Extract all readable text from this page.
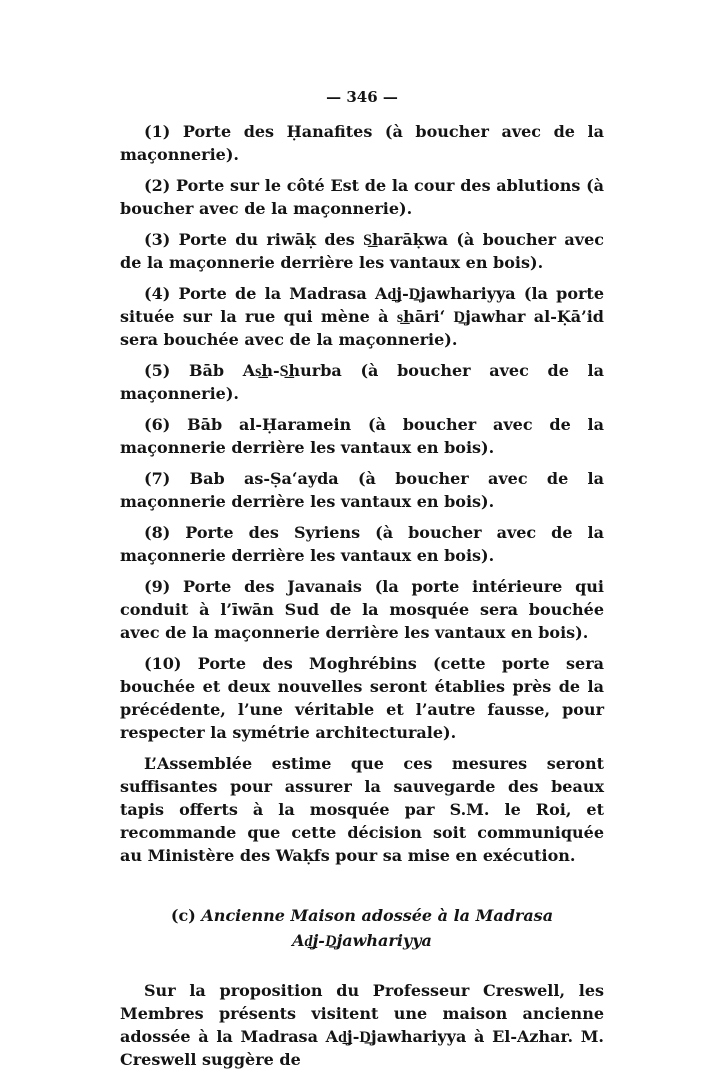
— 346 —

(1) Porte des Ḥanafites (à boucher avec de la maçonnerie).

(2) Porte sur le côté Est de la cour des ablutions (à boucher avec de la maçonnerie).

(3) Porte du riwāḳ des S͟harāḳwa (à boucher avec de la maçonnerie derrière les vantaux en bois).

(4) Porte de la Madrasa Ad͟j-D͟jawhariyya (la porte située sur la rue qui mène à s͟hāri‘ D͟jawhar al-Ḳā’id sera bouchée avec de la maçonnerie).

(5) Bāb As͟h-S͟hurba (à boucher avec de la maçonnerie).

(6) Bāb al-Ḥaramein (à boucher avec de la maçonnerie derrière les vantaux en bois).

(7) Bab as-Ṣa‘ayda (à boucher avec de la maçonnerie derrière les vantaux en bois).

(8) Porte des Syriens (à boucher avec de la maçonnerie derrière les vantaux en bois).

(9) Porte des Javanais (la porte intérieure qui conduit à l’īwān Sud de la mosquée sera bouchée avec de la maçonnerie derrière les vantaux en bois).

(10) Porte des Moghrébins (cette porte sera bouchée et deux nouvelles seront établies près de la précédente, l’une véritable et l’autre fausse, pour respecter la symétrie architecturale).

L’Assemblée estime que ces mesures seront suffisantes pour assurer la sauvegarde des beaux tapis offerts à la mosquée par S.M. le Roi, et recommande que cette décision soit communiquée au Ministère des Waḳfs pour sa mise en exécution.

(c) Ancienne Maison adossée à la Madrasa
Ad͟j-D͟jawhariyya

Sur la proposition du Professeur Creswell, les Membres présents visitent une maison ancienne adossée à la Madrasa Ad͟j-D͟jawhariyya à El-Azhar. M. Creswell suggère de
